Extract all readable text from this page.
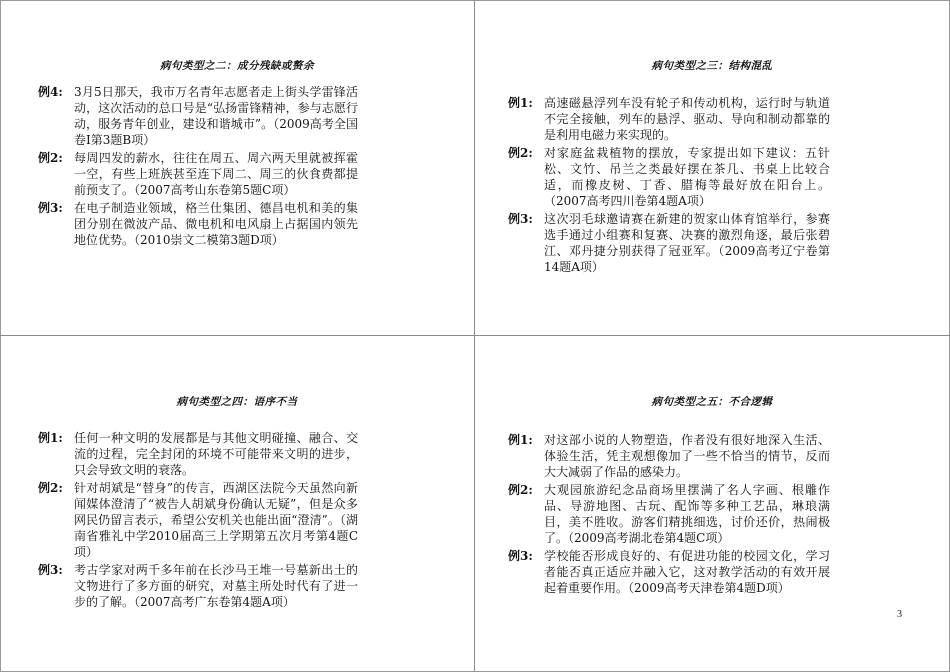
病句类型之二：成分残缺或赘余
例4: 3月5日那天，我市万名青年志愿者走上街头学雷锋活动，这次活动的总口号是“弘扬雷锋精神，参与志愿行动，服务青年创业，建设和谐城市”。（2009高考全国卷Ⅰ第3题B项）
例2: 每周四发的薪水，往往在周五、周六两天里就被挥霍一空，有些上班族甚至连下周二、周三的伙食费都提前预支了。（2007高考山东卷第5题C项）
例3: 在电子制造业领域，格兰仕集团、德昌电机和美的集团分别在微波产品、微电机和电风扇上占据国内领先地位优势。（2010崇文二模第3题D项）
病句类型之三：结构混乱
例1: 高速磁悬浮列车没有轮子和传动机构，运行时与轨道不完全接触，列车的悬浮、驱动、导向和制动都靠的是利用电磁力来实现的。
例2: 对家庭盆栽植物的摆放，专家提出如下建议：五针松、文竹、吊兰之类最好摆在茶几、书桌上比较合适，而橡皮树、丁香、腊梅等最好放在阳台上。（2007高考四川卷第4题A项）
例3: 这次羽毛球邀请赛在新建的贺家山体育馆举行，参赛选手通过小组赛和复赛、决赛的激烈角逐，最后张碧江、邓丹捷分别获得了冠亚军。（2009高考辽宁卷第14题A项）
病句类型之四：语序不当
例1: 任何一种文明的发展都是与其他文明碰撞、融合、交流的过程，完全封闭的环境不可能带来文明的进步，只会导致文明的衰落。
例2: 针对胡斌是“替身”的传言，西湖区法院今天虽然向新闻媒体澄清了“被告人胡斌身份确认无疑”，但是众多网民仍留言表示，希望公安机关也能出面“澄清”。（湖南省雅礼中学2010届高三上学期第五次月考第4题C项）
例3: 考古学家对两千多年前在长沙马王堆一号墓新出土的文物进行了多方面的研究，对墓主所处时代有了进一步的了解。（2007高考广东卷第4题A项）
病句类型之五：不合逻辑
例1: 对这部小说的人物塑造，作者没有很好地深入生活、体验生活，凭主观想像加了一些不恰当的情节，反而大大减弱了作品的感染力。
例2: 大观园旅游纪念品商场里摆满了名人字画、根雕作品、导游地图、古玩、配饰等多种工艺品，琳琅满目，美不胜收。游客们精挑细选，讨价还价，热闹极了。（2009高考湖北卷第4题C项）
例3: 学校能否形成良好的、有促进功能的校园文化，学习者能否真正适应并融入它，这对教学活动的有效开展起着重要作用。（2009高考天津卷第4题D项）
3
